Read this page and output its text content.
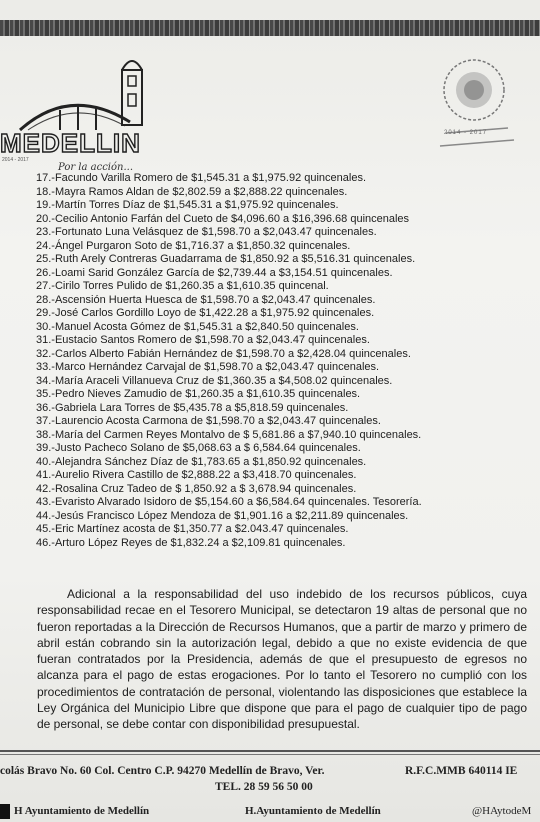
MEDELLIN
2014 - 2017
Por la acción...
2014 - 2017
17.-Facundo Varilla Romero de $1,545.31 a $1,975.92 quincenales.
18.-Mayra Ramos Aldan de $2,802.59 a $2,888.22 quincenales.
19.-Martín Torres Díaz de $1,545.31 a $1,975.92 quincenales.
20.-Cecilio Antonio Farfán del Cueto de $4,096.60 a $16,396.68 quincenales
23.-Fortunato Luna Velásquez de $1,598.70 a $2,043.47 quincenales.
24.-Ángel Purgaron Soto de $1,716.37 a $1,850.32 quincenales.
25.-Ruth Arely Contreras Guadarrama de $1,850.92 a $5,516.31 quincenales.
26.-Loami Sarid González García de $2,739.44 a $3,154.51 quincenales.
27.-Cirilo Torres Pulido de $1,260.35 a $1,610.35 quincenal.
28.-Ascensión Huerta Huesca de $1,598.70 a $2,043.47 quincenales.
29.-José Carlos Gordillo Loyo de $1,422.28 a $1,975.92 quincenales.
30.-Manuel Acosta Gómez de $1,545.31 a $2,840.50 quincenales.
31.-Eustacio Santos Romero de $1,598.70 a $2,043.47 quincenales.
32.-Carlos Alberto Fabián Hernández de $1,598.70 a $2,428.04 quincenales.
33.-Marco Hernández Carvajal de $1,598.70 a $2,043.47 quincenales.
34.-María Araceli Villanueva Cruz de $1,360.35 a $4,508.02 quincenales.
35.-Pedro Nieves Zamudio de $1,260.35 a $1,610.35 quincenales.
36.-Gabriela Lara Torres de $5,435.78 a $5,818.59 quincenales.
37.-Laurencio Acosta Carmona de $1,598.70 a $2,043.47 quincenales.
38.-María del Carmen Reyes Montalvo de $ 5,681.86 a $7,940.10 quincenales.
39.-Justo Pacheco Solano de $5,068.63 a $ 6,584.64 quincenales.
40.-Alejandra Sánchez Díaz de $1,783.65 a $1,850.92 quincenales.
41.-Aurelio Rivera Castillo de $2,888.22 a $3,418.70 quincenales.
42.-Rosalina Cruz Tadeo de $ 1,850.92 a $ 3,678.94 quincenales.
43.-Evaristo Alvarado Isidoro de $5,154.60 a $6,584.64 quincenales. Tesorería.
44.-Jesús Francisco López Mendoza de $1,901.16 a $2,211.89 quincenales.
45.-Eric Martínez acosta de $1,350.77 a $2.043.47 quincenales.
46.-Arturo López Reyes de $1,832.24 a $2,109.81 quincenales.

Adicional a la responsabilidad del uso indebido de los recursos públicos, cuya responsabilidad recae en el Tesorero Municipal, se detectaron 19 altas de personal que no fueron reportadas a la Dirección de Recursos Humanos, que a partir de marzo y primero de abril están cobrando sin la autorización legal, debido a que no existe evidencia de que fueran contratados por la Presidencia, además de que el presupuesto de egresos no alcanza para el pago de estas erogaciones. Por lo tanto el Tesorero no cumplió con los procedimientos de contratación de personal, violentando las disposiciones que establece la Ley Orgánica del Municipio Libre que dispone que para el pago de cualquier tipo de pago de personal, se debe contar con disponibilidad presupuestal.

colás Bravo No. 60 Col. Centro C.P. 94270 Medellín de Bravo, Ver.	R.F.C.MMB 640114 IE
TEL. 28 59 56 50 00
H Ayuntamiento de Medellín	H.Ayuntamiento de Medellín	@HAytodeM
